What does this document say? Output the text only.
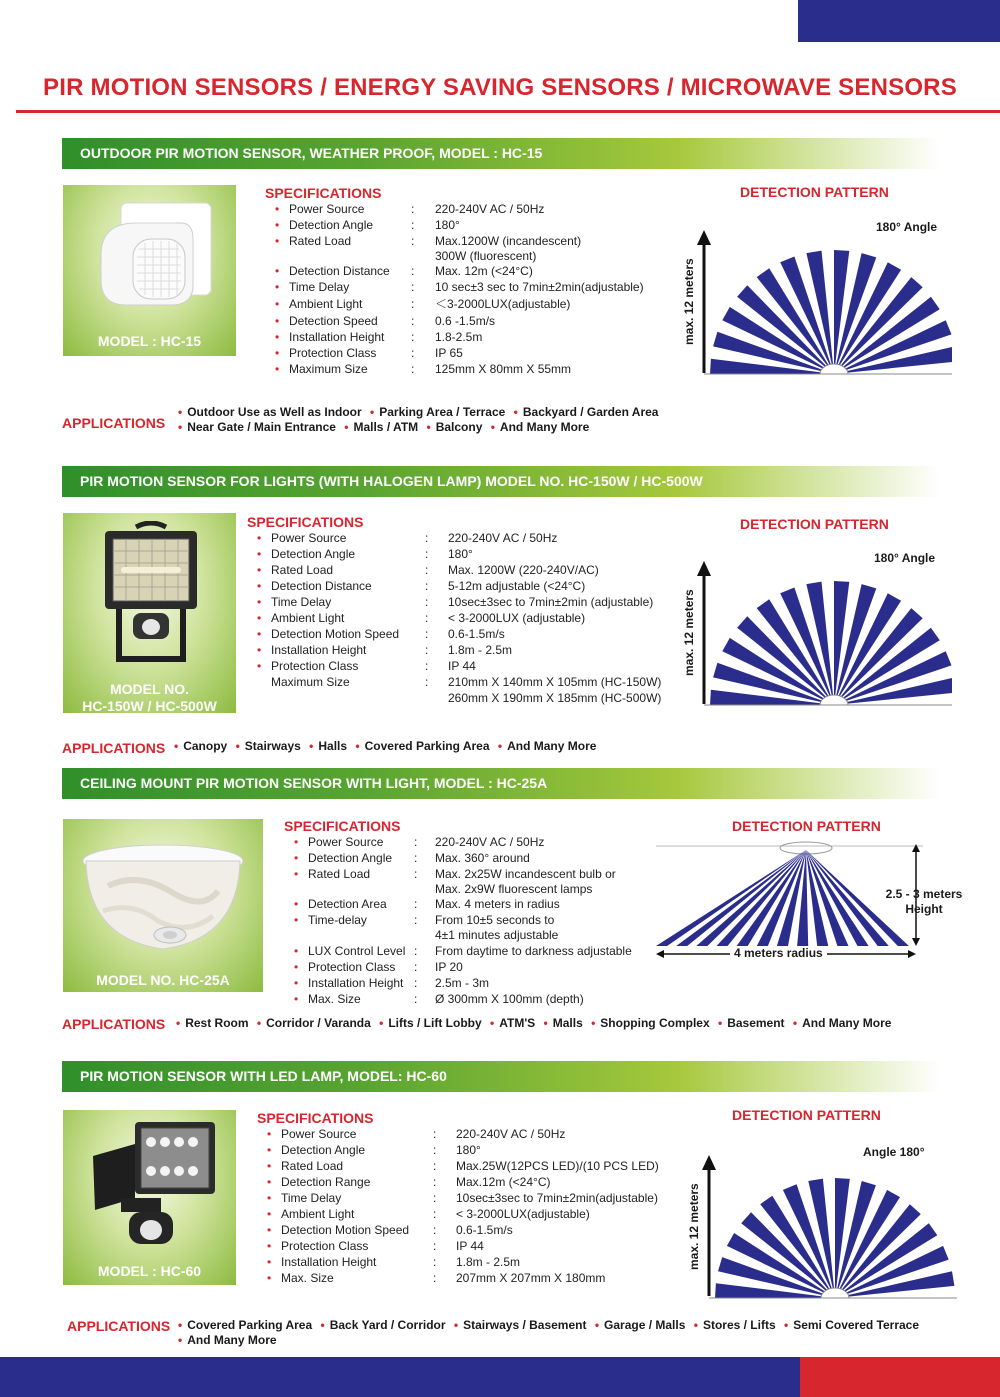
PIR MOTION SENSORS / ENERGY SAVING SENSORS / MICROWAVE SENSORS
OUTDOOR PIR MOTION SENSOR, WEATHER PROOF, MODEL : HC-15
MODEL : HC-15
SPECIFICATIONS
• Power Source	: 220-240V AC / 50Hz
• Detection Angle	: 180°
• Rated Load	: Max.1200W (incandescent)
300W (fluorescent)
• Detection Distance : Max. 12m (<24°C)
• Time Delay	: 10 sec±3 sec to 7min±2min(adjustable)
• Ambient Light	: ＜3-2000LUX(adjustable)
• Detection Speed	: 0.6 -1.5m/s
• Installation Height : 1.8-2.5m
• Protection Class	: IP 65
• Maximum Size	: 125mm X 80mm X 55mm
DETECTION PATTERN
max. 12 meters
180° Angle
APPLICATIONS
• Outdoor Use as Well as Indoor • Parking Area / Terrace • Backyard / Garden Area
• Near Gate / Main Entrance • Malls / ATM • Balcony • And Many More
PIR MOTION SENSOR FOR LIGHTS (WITH HALOGEN LAMP) MODEL NO. HC-150W / HC-500W
MODEL NO.
HC-150W / HC-500W
SPECIFICATIONS
• Power Source	: 220-240V AC / 50Hz
• Detection Angle	: 180°
• Rated Load	: Max. 1200W (220-240V/AC)
• Detection Distance	: 5-12m adjustable (<24°C)
• Time Delay	: 10sec±3sec to 7min±2min (adjustable)
• Ambient Light	: < 3-2000LUX (adjustable)
• Detection Motion Speed : 0.6-1.5m/s
• Installation Height	: 1.8m - 2.5m
• Protection Class	: IP 44
Maximum Size	: 210mm X 140mm X 105mm (HC-150W)
260mm X 190mm X 185mm (HC-500W)
DETECTION PATTERN
max. 12 meters
180° Angle
APPLICATIONS • Canopy • Stairways • Halls • Covered Parking Area • And Many More
CEILING MOUNT PIR MOTION SENSOR WITH LIGHT, MODEL : HC-25A
MODEL NO. HC-25A
SPECIFICATIONS
• Power Source	: 220-240V AC / 50Hz
• Detection Angle : Max. 360° around
• Rated Load	: Max. 2x25W incandescent bulb or
Max. 2x9W fluorescent lamps
• Detection Area : Max. 4 meters in radius
• Time-delay	: From 10±5 seconds to
4±1 minutes adjustable
• LUX Control Level : From daytime to darkness adjustable
• Protection Class : IP 20
• Installation Height : 2.5m - 3m
• Max. Size	: Ø 300mm X 100mm (depth)
DETECTION PATTERN
4 meters radius
2.5 - 3 meters
Height
APPLICATIONS • Rest Room • Corridor / Varanda • Lifts / Lift Lobby • ATM'S • Malls • Shopping Complex • Basement • And Many More
PIR MOTION SENSOR WITH LED LAMP, MODEL: HC-60
MODEL : HC-60
SPECIFICATIONS
• Power Source	: 220-240V AC / 50Hz
• Detection Angle	: 180°
• Rated Load	: Max.25W(12PCS LED)/(10 PCS LED)
• Detection Range	: Max.12m (<24°C)
• Time Delay	: 10sec±3sec to 7min±2min(adjustable)
• Ambient Light	: < 3-2000LUX(adjustable)
• Detection Motion Speed : 0.6-1.5m/s
• Protection Class	: IP 44
• Installation Height	: 1.8m - 2.5m
• Max. Size	: 207mm X 207mm X 180mm
DETECTION PATTERN
max. 12 meters
Angle 180°
APPLICATIONS • Covered Parking Area • Back Yard / Corridor • Stairways / Basement • Garage / Malls • Stores / Lifts • Semi Covered Terrace
• And Many More
